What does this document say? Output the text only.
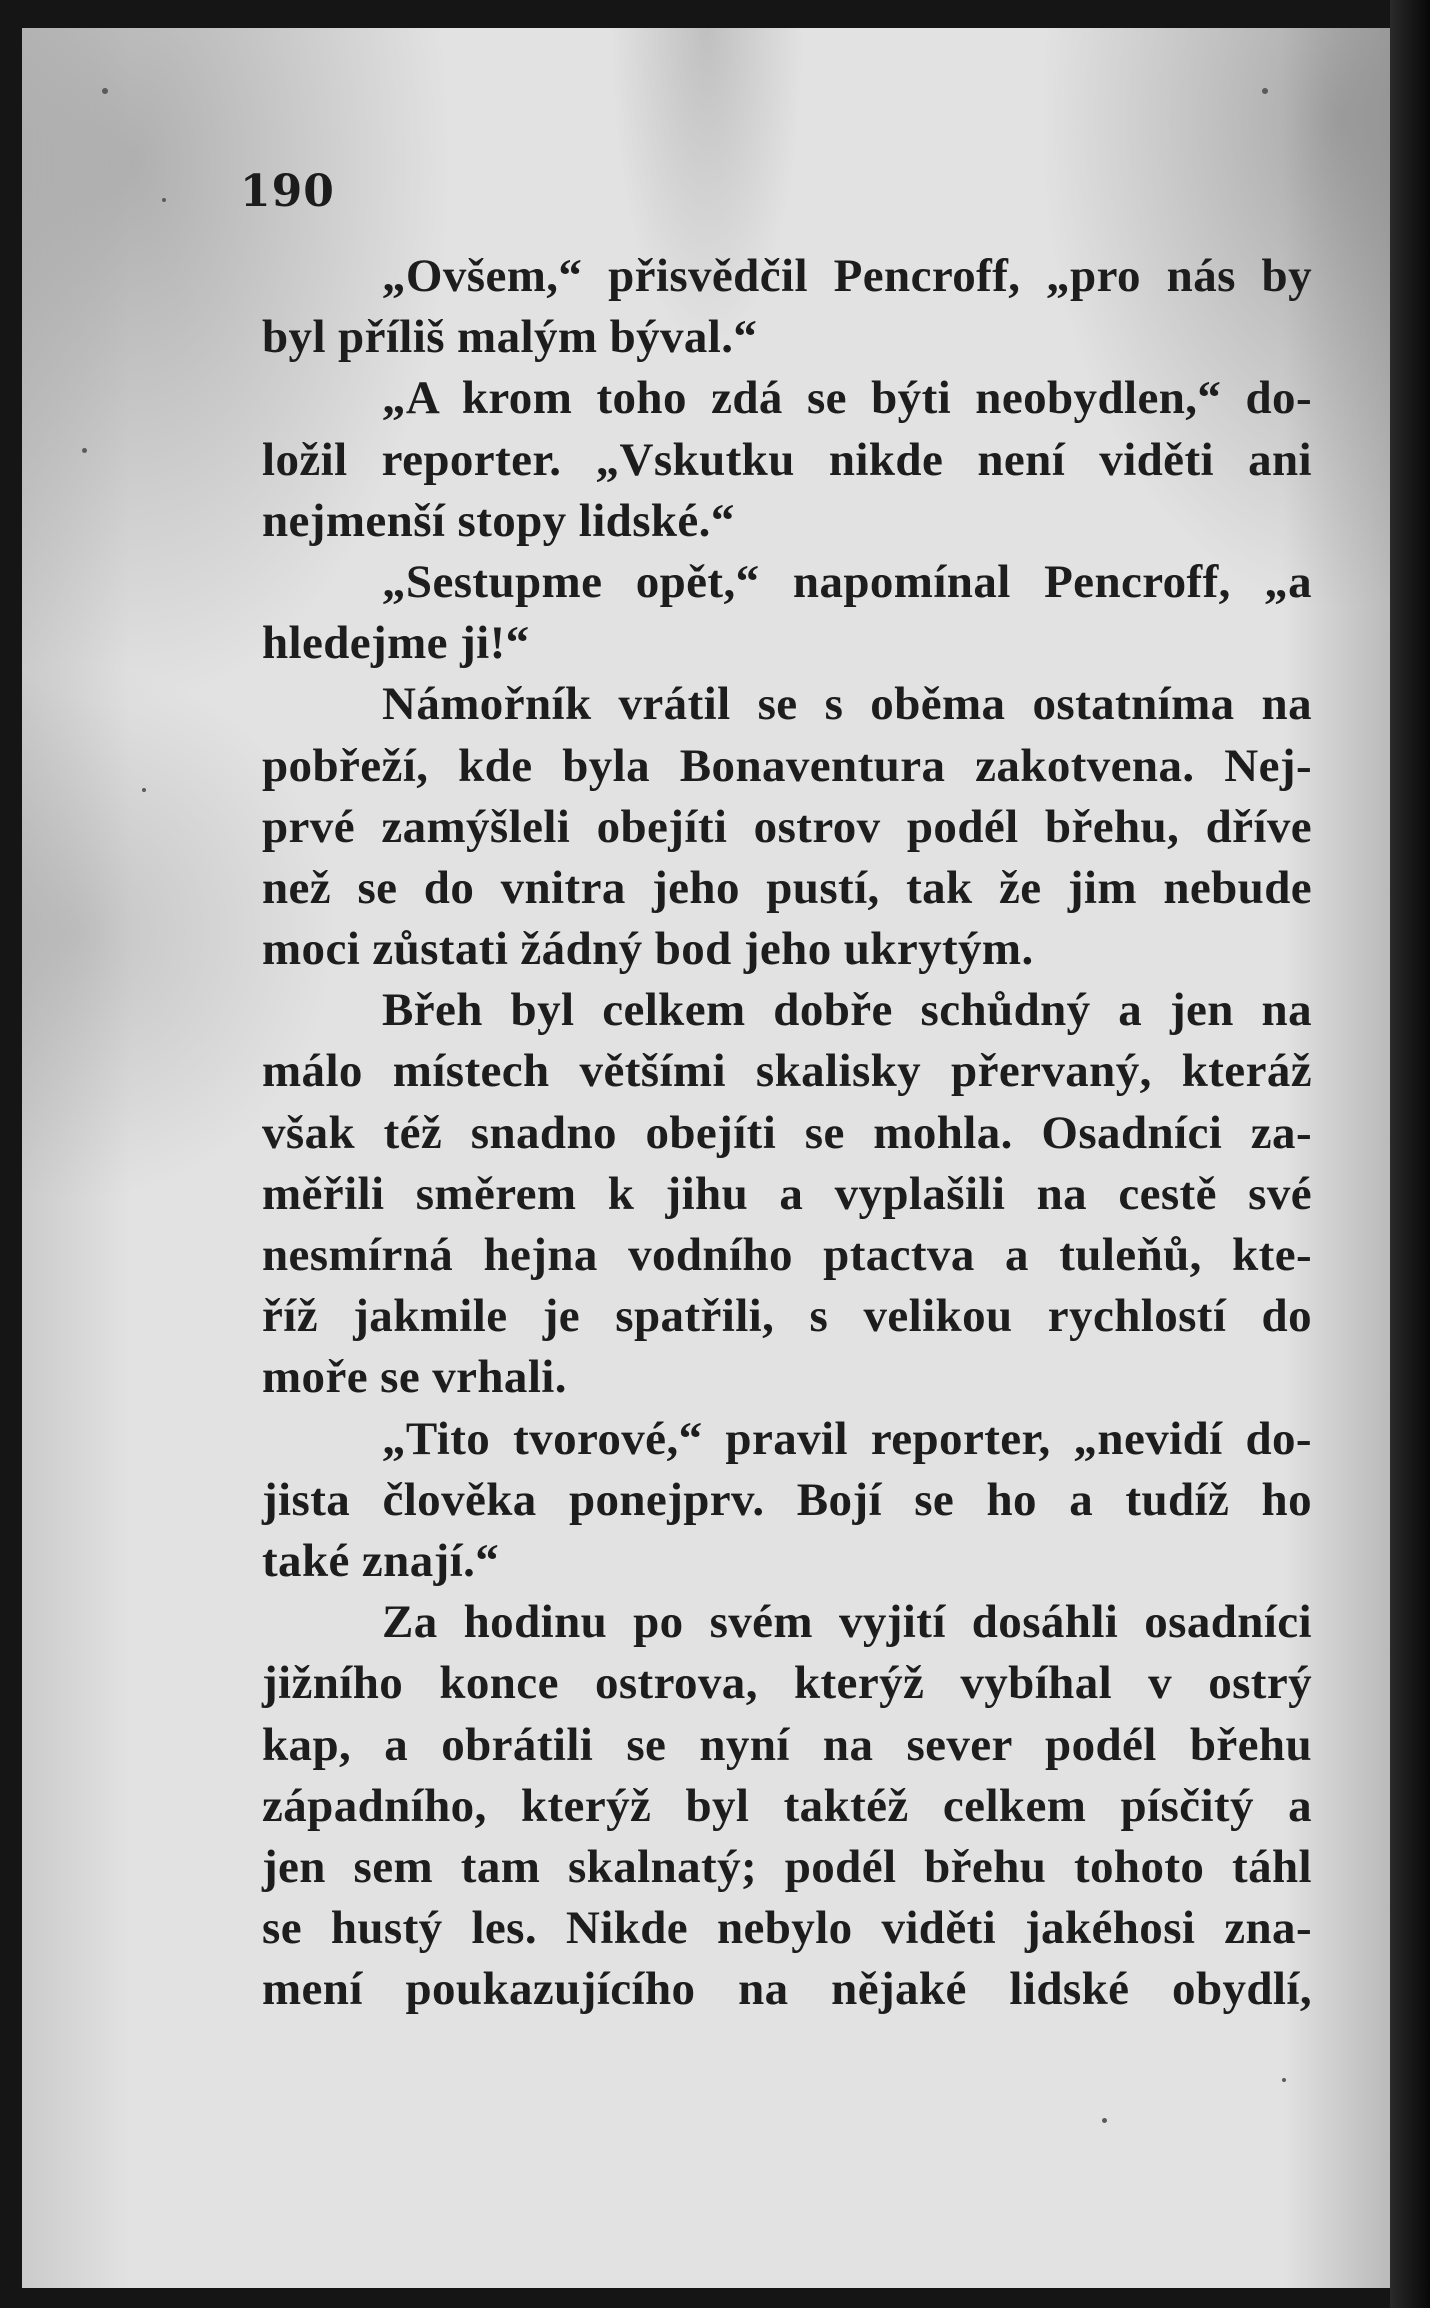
190
„Ovšem,“ přisvědčil Pencroff, „pro nás by
byl příliš malým býval.“
„A krom toho zdá se býti neobydlen,“ do-
ložil reporter. „Vskutku nikde není viděti ani
nejmenší stopy lidské.“
„Sestupme opět,“ napomínal Pencroff, „a
hledejme ji!“
Námořník vrátil se s oběma ostatníma na
pobřeží, kde byla Bonaventura zakotvena. Nej-
prvé zamýšleli obejíti ostrov podél břehu, dříve
než se do vnitra jeho pustí, tak že jim nebude
moci zůstati žádný bod jeho ukrytým.
Břeh byl celkem dobře schůdný a jen na
málo místech většími skalisky přervaný, kteráž
však též snadno obejíti se mohla. Osadníci za-
měřili směrem k jihu a vyplašili na cestě své
nesmírná hejna vodního ptactva a tuleňů, kte-
říž jakmile je spatřili, s velikou rychlostí do
moře se vrhali.
„Tito tvorové,“ pravil reporter, „nevidí do-
jista člověka ponejprv. Bojí se ho a tudíž ho
také znají.“
Za hodinu po svém vyjití dosáhli osadníci
jižního konce ostrova, kterýž vybíhal v ostrý
kap, a obrátili se nyní na sever podél břehu
západního, kterýž byl taktéž celkem písčitý a
jen sem tam skalnatý; podél břehu tohoto táhl
se hustý les. Nikde nebylo viděti jakéhosi zna-
mení poukazujícího na nějaké lidské obydlí,
